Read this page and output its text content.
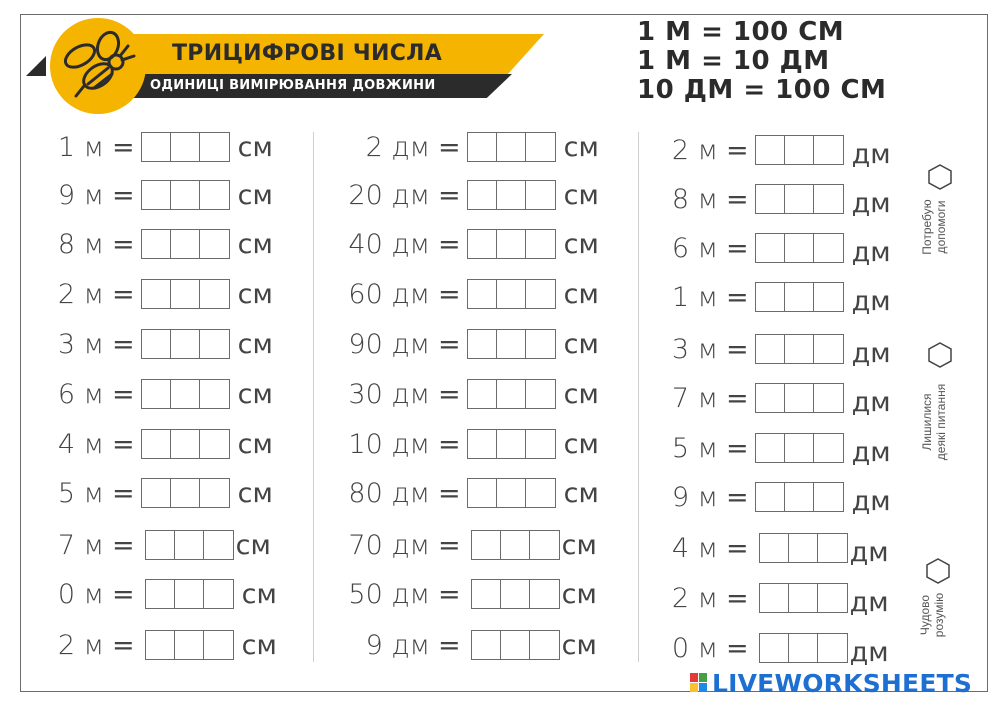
ТРИЦИФРОВІ ЧИСЛА
ОДИНИЦІ ВИМІРЮВАННЯ ДОВЖИНИ
1 М = 100 СМ
1 М = 10 ДМ
10 ДМ = 100 СМ
1 м =	см
9 м =	см
8 м =	см
2 м =	см
3 м =	см
6 м =	см
4 м =	см
5 м =	см
7 м =	см
0 м =	см
2 м =	см
2 дм =	см
20 дм =	см
40 дм =	см
60 дм =	см
90 дм =	см
30 дм =	см
10 дм =	см
80 дм =	см
70 дм =	см
50 дм =	см
9 дм =	см
2 м =	дм
8 м =	дм
6 м =	дм
1 м =	дм
3 м =	дм
7 м =	дм
5 м =	дм
9 м =	дм
4 м =	дм
2 м =	дм
0 м =	дм
Потребую допомоги
Лишилися деякі питання
Чудово розумію
LIVEWORKSHEETS
